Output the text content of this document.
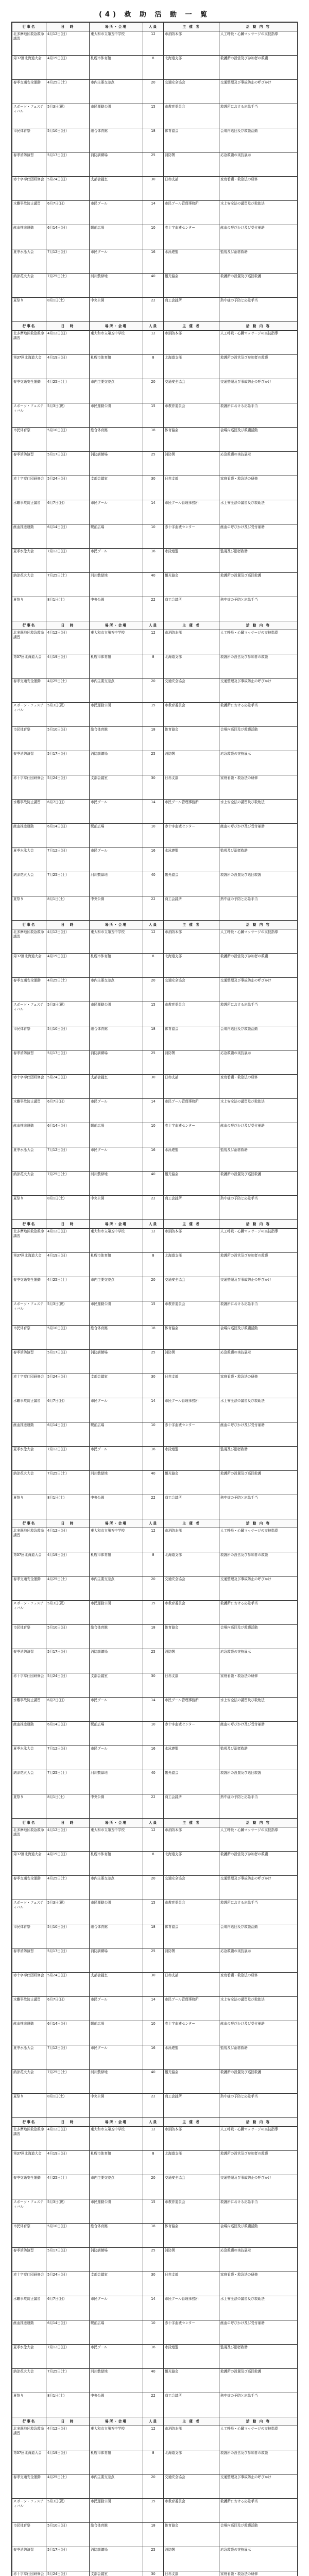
(4) 救 助 活 動 一 覧
行事名	日　時	場所・会場	人員	主 催 者	活 動 内 容
北多摩地区救急救命講習	4月12日(日)	東大和市立第五中学校	12	市消防本部	人工呼吸・心臓マッサージの実技指導
第37回北海道大会	4月19日(日)	札幌市体育館	8	北海道支部	救護所の設営及び参加者の救護
春季交通安全運動	4月25日(土)	市内主要交差点	20	交通安全協会	交通整理及び事故防止の呼びかけ
スポーツ・フェスティバル	5月3日(祝)	市民運動公園	15	市教育委員会	救護所における応急手当
市民体育祭	5月10日(日)	総合体育館	18	体育協会	会場内巡回及び救護活動
春季消防演習	5月17日(日)	消防訓練場	25	消防署	応急救護の実技展示
赤十字奉仕団研修会	5月24日(日)	支部会議室	30	日赤支部	家庭看護・救急法の研修
水難事故防止講習	6月7日(日)	市民プール	14	市民プール管理事務所	水上安全法の講習及び救助法
献血推進運動	6月14日(日)	駅前広場	10	赤十字血液センター	献血の呼びかけ及び受付補助
夏季水泳大会	7月12日(日)	市民プール	16	水泳連盟	監視及び溺者救助
納涼花火大会	7月25日(土)	河川敷緑地	40	観光協会	救護所の設置及び巡回救護
夏祭り	8月1日(土)	中央公園	22	商工会議所	熱中症の予防と応急手当
行事名	日　時	場所・会場	人員	主 催 者	活 動 内 容
北多摩地区救急救命講習	4月12日(日)	東大和市立第五中学校	12	市消防本部	人工呼吸・心臓マッサージの実技指導
第37回北海道大会	4月19日(日)	札幌市体育館	8	北海道支部	救護所の設営及び参加者の救護
春季交通安全運動	4月25日(土)	市内主要交差点	20	交通安全協会	交通整理及び事故防止の呼びかけ
スポーツ・フェスティバル	5月3日(祝)	市民運動公園	15	市教育委員会	救護所における応急手当
市民体育祭	5月10日(日)	総合体育館	18	体育協会	会場内巡回及び救護活動
春季消防演習	5月17日(日)	消防訓練場	25	消防署	応急救護の実技展示
赤十字奉仕団研修会	5月24日(日)	支部会議室	30	日赤支部	家庭看護・救急法の研修
水難事故防止講習	6月7日(日)	市民プール	14	市民プール管理事務所	水上安全法の講習及び救助法
献血推進運動	6月14日(日)	駅前広場	10	赤十字血液センター	献血の呼びかけ及び受付補助
夏季水泳大会	7月12日(日)	市民プール	16	水泳連盟	監視及び溺者救助
納涼花火大会	7月25日(土)	河川敷緑地	40	観光協会	救護所の設置及び巡回救護
夏祭り	8月1日(土)	中央公園	22	商工会議所	熱中症の予防と応急手当
行事名	日　時	場所・会場	人員	主 催 者	活 動 内 容
北多摩地区救急救命講習	4月12日(日)	東大和市立第五中学校	12	市消防本部	人工呼吸・心臓マッサージの実技指導
第37回北海道大会	4月19日(日)	札幌市体育館	8	北海道支部	救護所の設営及び参加者の救護
春季交通安全運動	4月25日(土)	市内主要交差点	20	交通安全協会	交通整理及び事故防止の呼びかけ
スポーツ・フェスティバル	5月3日(祝)	市民運動公園	15	市教育委員会	救護所における応急手当
市民体育祭	5月10日(日)	総合体育館	18	体育協会	会場内巡回及び救護活動
春季消防演習	5月17日(日)	消防訓練場	25	消防署	応急救護の実技展示
赤十字奉仕団研修会	5月24日(日)	支部会議室	30	日赤支部	家庭看護・救急法の研修
水難事故防止講習	6月7日(日)	市民プール	14	市民プール管理事務所	水上安全法の講習及び救助法
献血推進運動	6月14日(日)	駅前広場	10	赤十字血液センター	献血の呼びかけ及び受付補助
夏季水泳大会	7月12日(日)	市民プール	16	水泳連盟	監視及び溺者救助
納涼花火大会	7月25日(土)	河川敷緑地	40	観光協会	救護所の設置及び巡回救護
夏祭り	8月1日(土)	中央公園	22	商工会議所	熱中症の予防と応急手当
行事名	日　時	場所・会場	人員	主 催 者	活 動 内 容
北多摩地区救急救命講習	4月12日(日)	東大和市立第五中学校	12	市消防本部	人工呼吸・心臓マッサージの実技指導
第37回北海道大会	4月19日(日)	札幌市体育館	8	北海道支部	救護所の設営及び参加者の救護
春季交通安全運動	4月25日(土)	市内主要交差点	20	交通安全協会	交通整理及び事故防止の呼びかけ
スポーツ・フェスティバル	5月3日(祝)	市民運動公園	15	市教育委員会	救護所における応急手当
市民体育祭	5月10日(日)	総合体育館	18	体育協会	会場内巡回及び救護活動
春季消防演習	5月17日(日)	消防訓練場	25	消防署	応急救護の実技展示
赤十字奉仕団研修会	5月24日(日)	支部会議室	30	日赤支部	家庭看護・救急法の研修
水難事故防止講習	6月7日(日)	市民プール	14	市民プール管理事務所	水上安全法の講習及び救助法
献血推進運動	6月14日(日)	駅前広場	10	赤十字血液センター	献血の呼びかけ及び受付補助
夏季水泳大会	7月12日(日)	市民プール	16	水泳連盟	監視及び溺者救助
納涼花火大会	7月25日(土)	河川敷緑地	40	観光協会	救護所の設置及び巡回救護
夏祭り	8月1日(土)	中央公園	22	商工会議所	熱中症の予防と応急手当
行事名	日　時	場所・会場	人員	主 催 者	活 動 内 容
北多摩地区救急救命講習	4月12日(日)	東大和市立第五中学校	12	市消防本部	人工呼吸・心臓マッサージの実技指導
第37回北海道大会	4月19日(日)	札幌市体育館	8	北海道支部	救護所の設営及び参加者の救護
春季交通安全運動	4月25日(土)	市内主要交差点	20	交通安全協会	交通整理及び事故防止の呼びかけ
スポーツ・フェスティバル	5月3日(祝)	市民運動公園	15	市教育委員会	救護所における応急手当
市民体育祭	5月10日(日)	総合体育館	18	体育協会	会場内巡回及び救護活動
春季消防演習	5月17日(日)	消防訓練場	25	消防署	応急救護の実技展示
赤十字奉仕団研修会	5月24日(日)	支部会議室	30	日赤支部	家庭看護・救急法の研修
水難事故防止講習	6月7日(日)	市民プール	14	市民プール管理事務所	水上安全法の講習及び救助法
献血推進運動	6月14日(日)	駅前広場	10	赤十字血液センター	献血の呼びかけ及び受付補助
夏季水泳大会	7月12日(日)	市民プール	16	水泳連盟	監視及び溺者救助
納涼花火大会	7月25日(土)	河川敷緑地	40	観光協会	救護所の設置及び巡回救護
夏祭り	8月1日(土)	中央公園	22	商工会議所	熱中症の予防と応急手当
行事名	日　時	場所・会場	人員	主 催 者	活 動 内 容
北多摩地区救急救命講習	4月12日(日)	東大和市立第五中学校	12	市消防本部	人工呼吸・心臓マッサージの実技指導
第37回北海道大会	4月19日(日)	札幌市体育館	8	北海道支部	救護所の設営及び参加者の救護
春季交通安全運動	4月25日(土)	市内主要交差点	20	交通安全協会	交通整理及び事故防止の呼びかけ
スポーツ・フェスティバル	5月3日(祝)	市民運動公園	15	市教育委員会	救護所における応急手当
市民体育祭	5月10日(日)	総合体育館	18	体育協会	会場内巡回及び救護活動
春季消防演習	5月17日(日)	消防訓練場	25	消防署	応急救護の実技展示
赤十字奉仕団研修会	5月24日(日)	支部会議室	30	日赤支部	家庭看護・救急法の研修
水難事故防止講習	6月7日(日)	市民プール	14	市民プール管理事務所	水上安全法の講習及び救助法
献血推進運動	6月14日(日)	駅前広場	10	赤十字血液センター	献血の呼びかけ及び受付補助
夏季水泳大会	7月12日(日)	市民プール	16	水泳連盟	監視及び溺者救助
納涼花火大会	7月25日(土)	河川敷緑地	40	観光協会	救護所の設置及び巡回救護
夏祭り	8月1日(土)	中央公園	22	商工会議所	熱中症の予防と応急手当
行事名	日　時	場所・会場	人員	主 催 者	活 動 内 容
北多摩地区救急救命講習	4月12日(日)	東大和市立第五中学校	12	市消防本部	人工呼吸・心臓マッサージの実技指導
第37回北海道大会	4月19日(日)	札幌市体育館	8	北海道支部	救護所の設営及び参加者の救護
春季交通安全運動	4月25日(土)	市内主要交差点	20	交通安全協会	交通整理及び事故防止の呼びかけ
スポーツ・フェスティバル	5月3日(祝)	市民運動公園	15	市教育委員会	救護所における応急手当
市民体育祭	5月10日(日)	総合体育館	18	体育協会	会場内巡回及び救護活動
春季消防演習	5月17日(日)	消防訓練場	25	消防署	応急救護の実技展示
赤十字奉仕団研修会	5月24日(日)	支部会議室	30	日赤支部	家庭看護・救急法の研修
水難事故防止講習	6月7日(日)	市民プール	14	市民プール管理事務所	水上安全法の講習及び救助法
献血推進運動	6月14日(日)	駅前広場	10	赤十字血液センター	献血の呼びかけ及び受付補助
夏季水泳大会	7月12日(日)	市民プール	16	水泳連盟	監視及び溺者救助
納涼花火大会	7月25日(土)	河川敷緑地	40	観光協会	救護所の設置及び巡回救護
夏祭り	8月1日(土)	中央公園	22	商工会議所	熱中症の予防と応急手当
行事名	日　時	場所・会場	人員	主 催 者	活 動 内 容
北多摩地区救急救命講習	4月12日(日)	東大和市立第五中学校	12	市消防本部	人工呼吸・心臓マッサージの実技指導
第37回北海道大会	4月19日(日)	札幌市体育館	8	北海道支部	救護所の設営及び参加者の救護
春季交通安全運動	4月25日(土)	市内主要交差点	20	交通安全協会	交通整理及び事故防止の呼びかけ
スポーツ・フェスティバル	5月3日(祝)	市民運動公園	15	市教育委員会	救護所における応急手当
市民体育祭	5月10日(日)	総合体育館	18	体育協会	会場内巡回及び救護活動
春季消防演習	5月17日(日)	消防訓練場	25	消防署	応急救護の実技展示
赤十字奉仕団研修会	5月24日(日)	支部会議室	30	日赤支部	家庭看護・救急法の研修
水難事故防止講習	6月7日(日)	市民プール	14	市民プール管理事務所	水上安全法の講習及び救助法
献血推進運動	6月14日(日)	駅前広場	10	赤十字血液センター	献血の呼びかけ及び受付補助
夏季水泳大会	7月12日(日)	市民プール	16	水泳連盟	監視及び溺者救助
納涼花火大会	7月25日(土)	河川敷緑地	40	観光協会	救護所の設置及び巡回救護
夏祭り	8月1日(土)	中央公園	22	商工会議所	熱中症の予防と応急手当
行事名	日　時	場所・会場	人員	主 催 者	活 動 内 容
北多摩地区救急救命講習	4月12日(日)	東大和市立第五中学校	12	市消防本部	人工呼吸・心臓マッサージの実技指導
第37回北海道大会	4月19日(日)	札幌市体育館	8	北海道支部	救護所の設営及び参加者の救護
春季交通安全運動	4月25日(土)	市内主要交差点	20	交通安全協会	交通整理及び事故防止の呼びかけ
スポーツ・フェスティバル	5月3日(祝)	市民運動公園	15	市教育委員会	救護所における応急手当
市民体育祭	5月10日(日)	総合体育館	18	体育協会	会場内巡回及び救護活動
春季消防演習	5月17日(日)	消防訓練場	25	消防署	応急救護の実技展示
赤十字奉仕団研修会	5月24日(日)	支部会議室	30	日赤支部	家庭看護・救急法の研修
